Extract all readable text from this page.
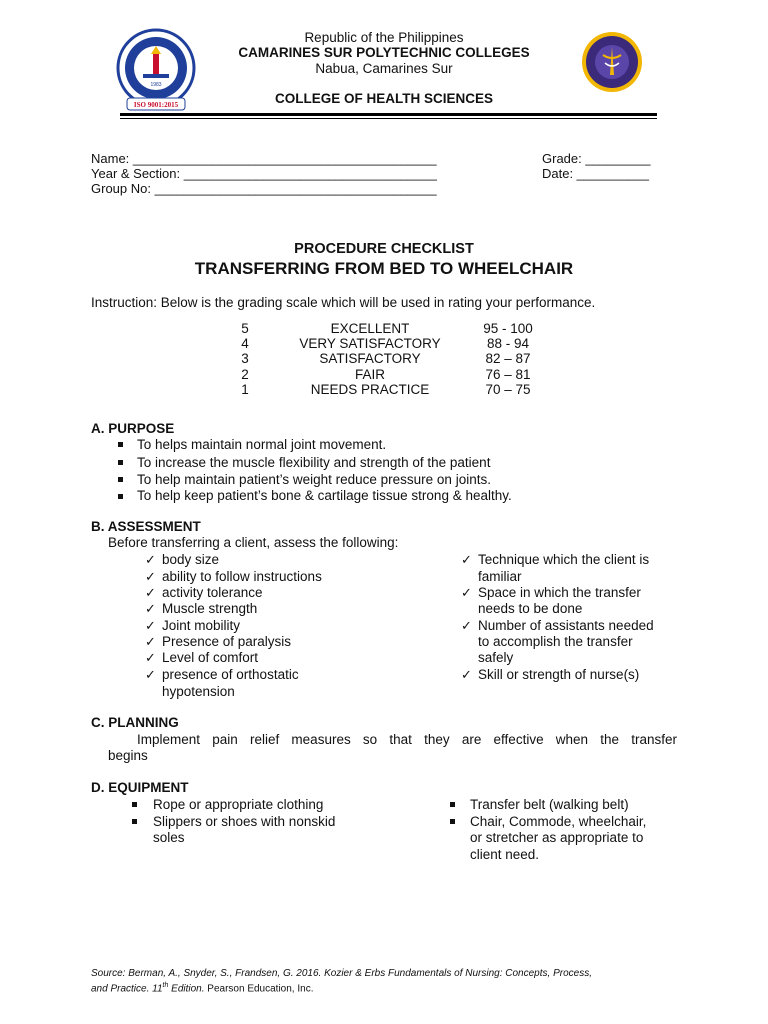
1983
ISO 9001:2015
Republic of the Philippines
CAMARINES SUR POLYTECHNIC COLLEGES
Nabua, Camarines Sur
COLLEGE OF HEALTH SCIENCES
Name: __________________________________________
Year & Section: ___________________________________
Group No: _______________________________________
Grade: _________
Date: __________
PROCEDURE CHECKLIST
TRANSFERRING FROM BED TO WHEELCHAIR
Instruction: Below is the grading scale which will be used in rating your performance.
5	EXCELLENT	95 - 100
4	VERY SATISFACTORY	88 - 94
3	SATISFACTORY	82 – 87
2	FAIR	76 – 81
1	NEEDS PRACTICE	70 – 75
A. PURPOSE
To helps maintain normal joint movement.
To increase the muscle flexibility and strength of the patient
To help maintain patient’s weight reduce pressure on joints.
To help keep patient’s bone & cartilage tissue strong & healthy.
B. ASSESSMENT
Before transferring a client, assess the following:
✓ body size
✓ ability to follow instructions
✓ activity tolerance
✓ Muscle strength
✓ Joint mobility
✓ Presence of paralysis
✓ Level of comfort
✓ presence of orthostatic
hypotension
✓ Technique which the client is
familiar
✓ Space in which the transfer
needs to be done
✓ Number of assistants needed
to accomplish the transfer
safely
✓ Skill or strength of nurse(s)
C. PLANNING
Implement pain relief measures so that they are effective when the transfer
begins
D. EQUIPMENT
Rope or appropriate clothing
Slippers or shoes with nonskid
soles
Transfer belt (walking belt)
Chair, Commode, wheelchair,
or stretcher as appropriate to
client need.
Source: Berman, A., Snyder, S., Frandsen, G. 2016. Kozier & Erbs Fundamentals of Nursing: Concepts, Process,
and Practice. 11th Edition. Pearson Education, Inc.
